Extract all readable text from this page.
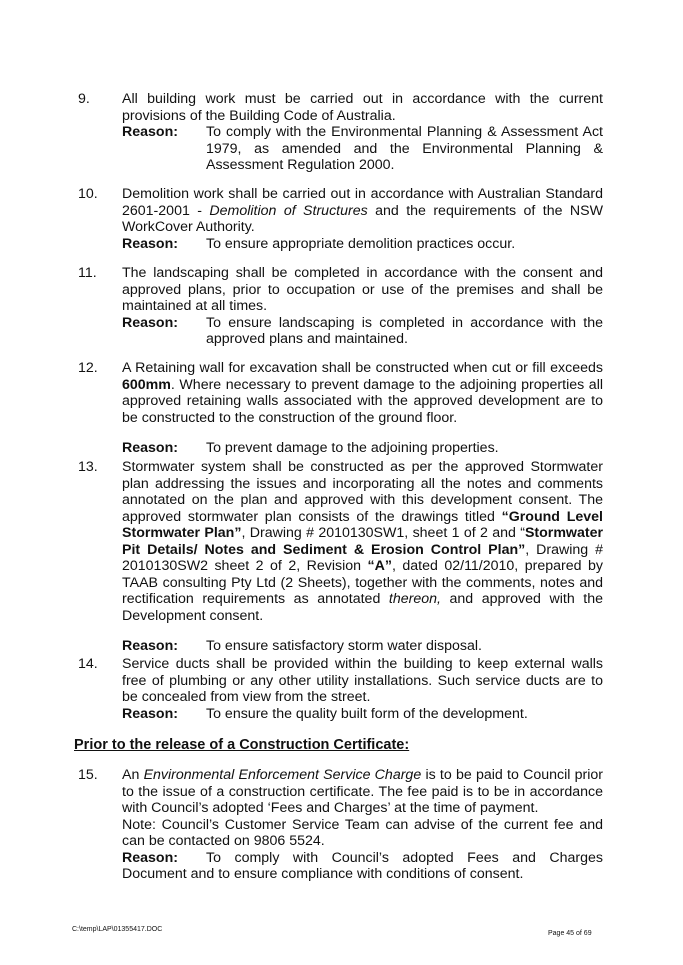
9.	All building work must be carried out in accordance with the current provisions of the Building Code of Australia.

Reason:	To comply with the Environmental Planning & Assessment Act 1979, as amended and the Environmental Planning & Assessment Regulation 2000.
10.	Demolition work shall be carried out in accordance with Australian Standard 2601-2001 - Demolition of Structures and the requirements of the NSW WorkCover Authority.

Reason:	To ensure appropriate demolition practices occur.
11.	The landscaping shall be completed in accordance with the consent and approved plans, prior to occupation or use of the premises and shall be maintained at all times.

Reason:	To ensure landscaping is completed in accordance with the approved plans and maintained.
12.	A Retaining wall for excavation shall be constructed when cut or fill exceeds 600mm. Where necessary to prevent damage to the adjoining properties all approved retaining walls associated with the approved development are to be constructed to the construction of the ground floor.

Reason:	To prevent damage to the adjoining properties.
13.	Stormwater system shall be constructed as per the approved Stormwater plan addressing the issues and incorporating all the notes and comments annotated on the plan and approved with this development consent. The approved stormwater plan consists of the drawings titled “Ground Level Stormwater Plan”, Drawing # 2010130SW1, sheet 1 of 2 and “Stormwater Pit Details/ Notes and Sediment & Erosion Control Plan”, Drawing # 2010130SW2 sheet 2 of 2, Revision “A”, dated 02/11/2010, prepared by TAAB consulting Pty Ltd (2 Sheets), together with the comments, notes and rectification requirements as annotated thereon, and approved with the Development consent.

Reason:	To ensure satisfactory storm water disposal.
14.	Service ducts shall be provided within the building to keep external walls free of plumbing or any other utility installations. Such service ducts are to be concealed from view from the street.

Reason:	To ensure the quality built form of the development.
Prior to the release of a Construction Certificate:
15.	An Environmental Enforcement Service Charge is to be paid to Council prior to the issue of a construction certificate. The fee paid is to be in accordance with Council’s adopted ‘Fees and Charges’ at the time of payment.

Note: Council’s Customer Service Team can advise of the current fee and can be contacted on 9806 5524.

Reason: To comply with Council’s adopted Fees and Charges Document and to ensure compliance with conditions of consent.

C:\temp\LAP\01355417.DOC
Page 45 of 69
